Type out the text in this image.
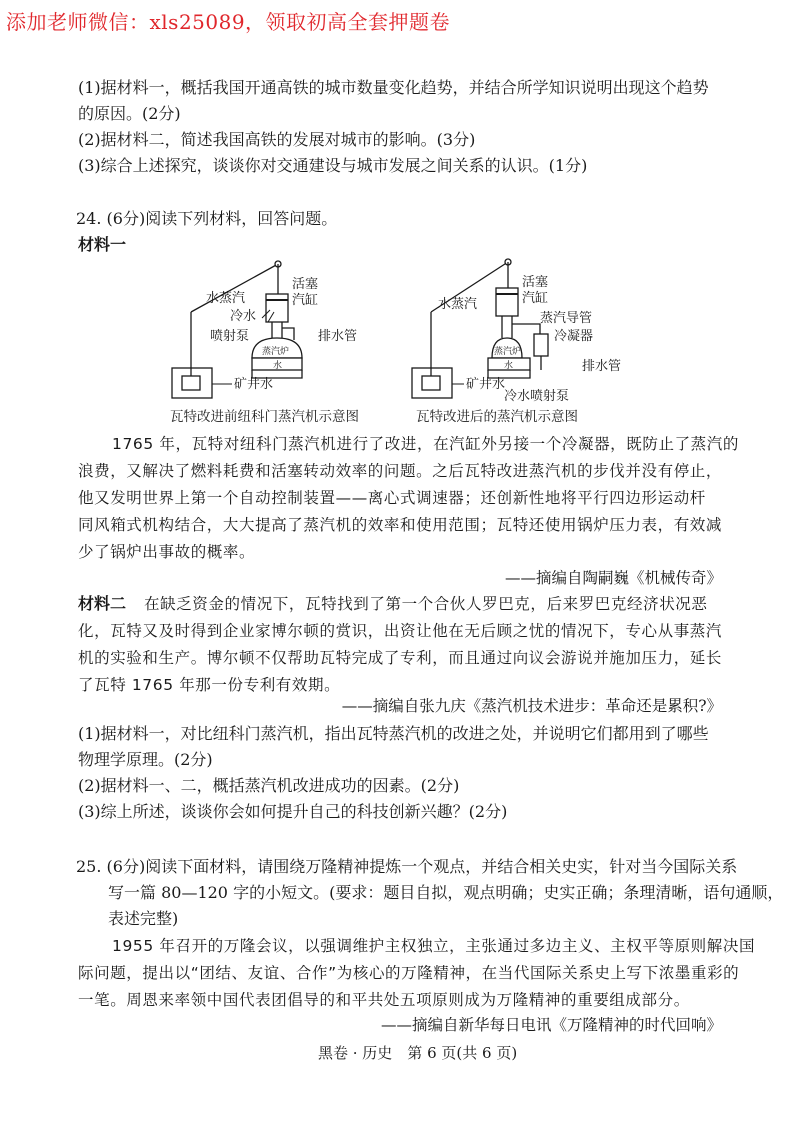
添加老师微信：xls25089，领取初高全套押题卷
(1)据材料一，概括我国开通高铁的城市数量变化趋势，并结合所学知识说明出现这个趋势
的原因。(2分)
(2)据材料二，简述我国高铁的发展对城市的影响。(3分)
(3)综合上述探究，谈谈你对交通建设与城市发展之间关系的认识。(1分)
24. (6分)阅读下列材料，回答问题。
材料一
水蒸汽
活塞
汽缸
冷水
喷射泵	排水管
蒸汽炉
水
矿井水
水蒸汽
活塞
汽缸
蒸汽导管
冷凝器
排水管
冷水喷射泵
蒸汽炉
水
矿井水
瓦特改进前纽科门蒸汽机示意图	瓦特改进后的蒸汽机示意图
1765 年，瓦特对纽科门蒸汽机进行了改进，在汽缸外另接一个冷凝器，既防止了蒸汽的
浪费，又解决了燃料耗费和活塞转动效率的问题。之后瓦特改进蒸汽机的步伐并没有停止，
他又发明世界上第一个自动控制装置——离心式调速器；还创新性地将平行四边形运动杆
同风箱式机构结合，大大提高了蒸汽机的效率和使用范围；瓦特还使用锅炉压力表，有效减
少了锅炉出事故的概率。
——摘编自陶嗣巍《机械传奇》
材料二 在缺乏资金的情况下，瓦特找到了第一个合伙人罗巴克，后来罗巴克经济状况恶
化，瓦特又及时得到企业家博尔顿的赏识，出资让他在无后顾之忧的情况下，专心从事蒸汽
机的实验和生产。博尔顿不仅帮助瓦特完成了专利，而且通过向议会游说并施加压力，延长
了瓦特 1765 年那一份专利有效期。
——摘编自张九庆《蒸汽机技术进步：革命还是累积?》
(1)据材料一，对比纽科门蒸汽机，指出瓦特蒸汽机的改进之处，并说明它们都用到了哪些
物理学原理。(2分)
(2)据材料一、二，概括蒸汽机改进成功的因素。(2分)
(3)综上所述，谈谈你会如何提升自己的科技创新兴趣？(2分)
25. (6分)阅读下面材料，请围绕万隆精神提炼一个观点，并结合相关史实，针对当今国际关系
写一篇 80—120 字的小短文。(要求：题目自拟，观点明确；史实正确；条理清晰，语句通顺，
表述完整)
1955 年召开的万隆会议，以强调维护主权独立，主张通过多边主义、主权平等原则解决国
际问题，提出以“团结、友谊、合作”为核心的万隆精神，在当代国际关系史上写下浓墨重彩的
一笔。周恩来率领中国代表团倡导的和平共处五项原则成为万隆精神的重要组成部分。
——摘编自新华每日电讯《万隆精神的时代回响》
黑卷 · 历史　第 6 页(共 6 页)
